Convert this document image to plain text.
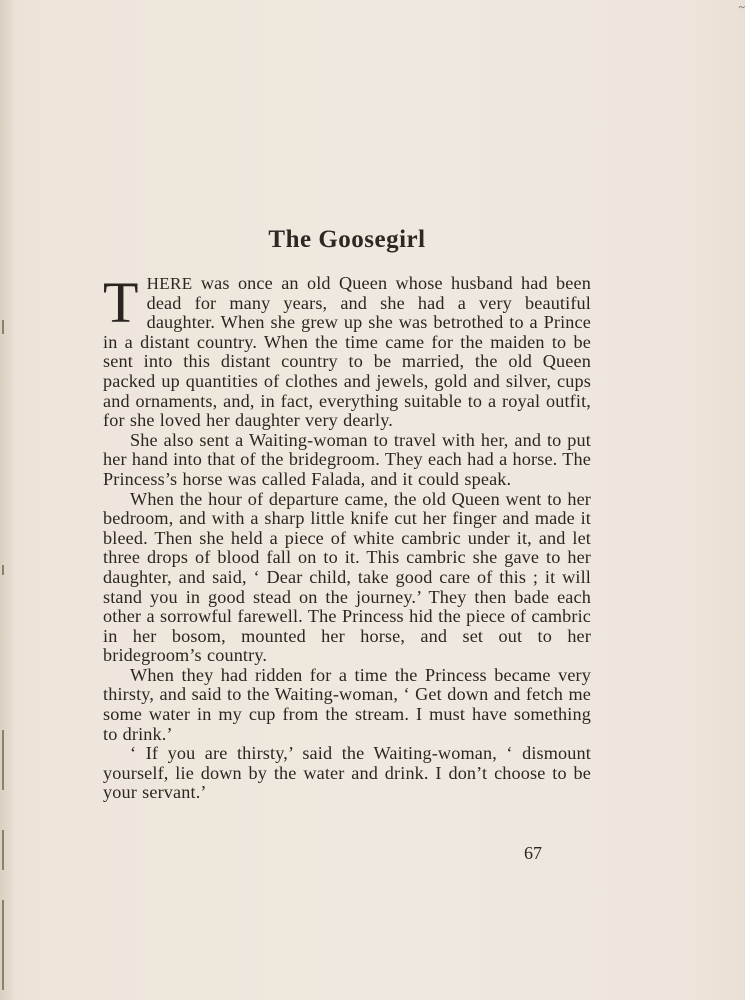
~
The Goosegirl

THERE was once an old Queen whose husband had been dead for many years, and she had a very beautiful daughter. When she grew up she was betrothed to a Prince in a distant country. When the time came for the maiden to be sent into this distant country to be married, the old Queen packed up quantities of clothes and jewels, gold and silver, cups and ornaments, and, in fact, everything suitable to a royal outfit, for she loved her daughter very dearly.

She also sent a Waiting-woman to travel with her, and to put her hand into that of the bridegroom. They each had a horse. The Princess’s horse was called Falada, and it could speak.

When the hour of departure came, the old Queen went to her bedroom, and with a sharp little knife cut her finger and made it bleed. Then she held a piece of white cambric under it, and let three drops of blood fall on to it. This cambric she gave to her daughter, and said, ‘ Dear child, take good care of this ; it will stand you in good stead on the journey.’ They then bade each other a sorrowful farewell. The Princess hid the piece of cambric in her bosom, mounted her horse, and set out to her bridegroom’s country.

When they had ridden for a time the Princess became very thirsty, and said to the Waiting-woman, ‘ Get down and fetch me some water in my cup from the stream. I must have something to drink.’

‘ If you are thirsty,’ said the Waiting-woman, ‘ dismount yourself, lie down by the water and drink. I don’t choose to be your servant.’

67
